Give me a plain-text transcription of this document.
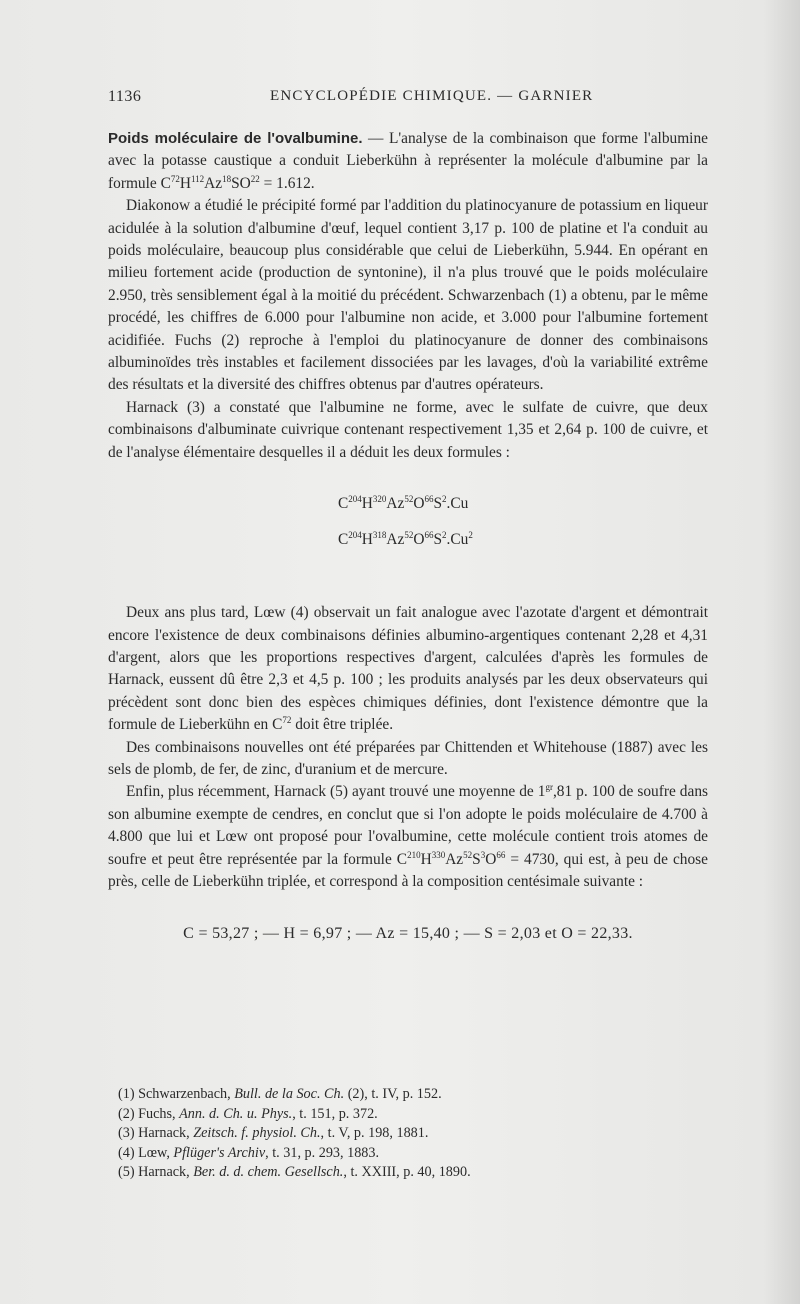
1136	ENCYCLOPÉDIE CHIMIQUE. — GARNIER

Poids moléculaire de l'ovalbumine. — L'analyse de la combinaison que forme l'albumine avec la potasse caustique a conduit Lieberkühn à représenter la molécule d'albumine par la formule $C^{72}H^{112}Az^{18}SO^{22} = 1.612$.

Diakonow a étudié le précipité formé par l'addition du platinocyanure de potassium en liqueur acidulée à la solution d'albumine d'œuf, lequel contient 3,17 p. 100 de platine et l'a conduit au poids moléculaire, beaucoup plus considérable que celui de Lieberkühn, 5.944. En opérant en milieu fortement acide (production de syntonine), il n'a plus trouvé que le poids moléculaire 2.950, très sensiblement égal à la moitié du précédent. Schwarzenbach (1) a obtenu, par le même procédé, les chiffres de 6.000 pour l'albumine non acide, et 3.000 pour l'albumine fortement acidifiée. Fuchs (2) reproche à l'emploi du platinocyanure de donner des combinaisons albuminoïdes très instables et facilement dissociées par les lavages, d'où la variabilité extrême des résultats et la diversité des chiffres obtenus par d'autres opérateurs.

Harnack (3) a constaté que l'albumine ne forme, avec le sulfate de cuivre, que deux combinaisons d'albuminate cuivrique contenant respectivement 1,35 et 2,64 p. 100 de cuivre, et de l'analyse élémentaire desquelles il a déduit les deux formules :

$C^{204}H^{320}Az^{52}O^{66}S^2.Cu$
$C^{204}H^{318}Az^{52}O^{66}S^2.Cu^2$

Deux ans plus tard, Lœw (4) observait un fait analogue avec l'azotate d'argent et démontrait encore l'existence de deux combinaisons définies albumino-argentiques contenant 2,28 et 4,31 d'argent, alors que les proportions respectives d'argent, calculées d'après les formules de Harnack, eussent dû être 2,3 et 4,5 p. 100 ; les produits analysés par les deux observateurs qui précèdent sont donc bien des espèces chimiques définies, dont l'existence démontre que la formule de Lieberkühn en $C^{72}$ doit être triplée.

Des combinaisons nouvelles ont été préparées par Chittenden et Whitehouse (1887) avec les sels de plomb, de fer, de zinc, d'uranium et de mercure.

Enfin, plus récemment, Harnack (5) ayant trouvé une moyenne de $1^{gr},81$ p. 100 de soufre dans son albumine exempte de cendres, en conclut que si l'on adopte le poids moléculaire de 4.700 à 4.800 que lui et Lœw ont proposé pour l'ovalbumine, cette molécule contient trois atomes de soufre et peut être représentée par la formule $C^{210}H^{330}Az^{52}S^3O^{66} = 4730$, qui est, à peu de chose près, celle de Lieberkühn triplée, et correspond à la composition centésimale suivante :

C = 53,27 ; — H = 6,97 ; — Az = 15,40 ; — S = 2,03 et O = 22,33.
(1) Schwarzenbach, Bull. de la Soc. Ch. (2), t. IV, p. 152.
(2) Fuchs, Ann. d. Ch. u. Phys., t. 151, p. 372.
(3) Harnack, Zeitsch. f. physiol. Ch., t. V, p. 198, 1881.
(4) Lœw, Pflüger's Archiv, t. 31, p. 293, 1883.
(5) Harnack, Ber. d. d. chem. Gesellsch., t. XXIII, p. 40, 1890.
